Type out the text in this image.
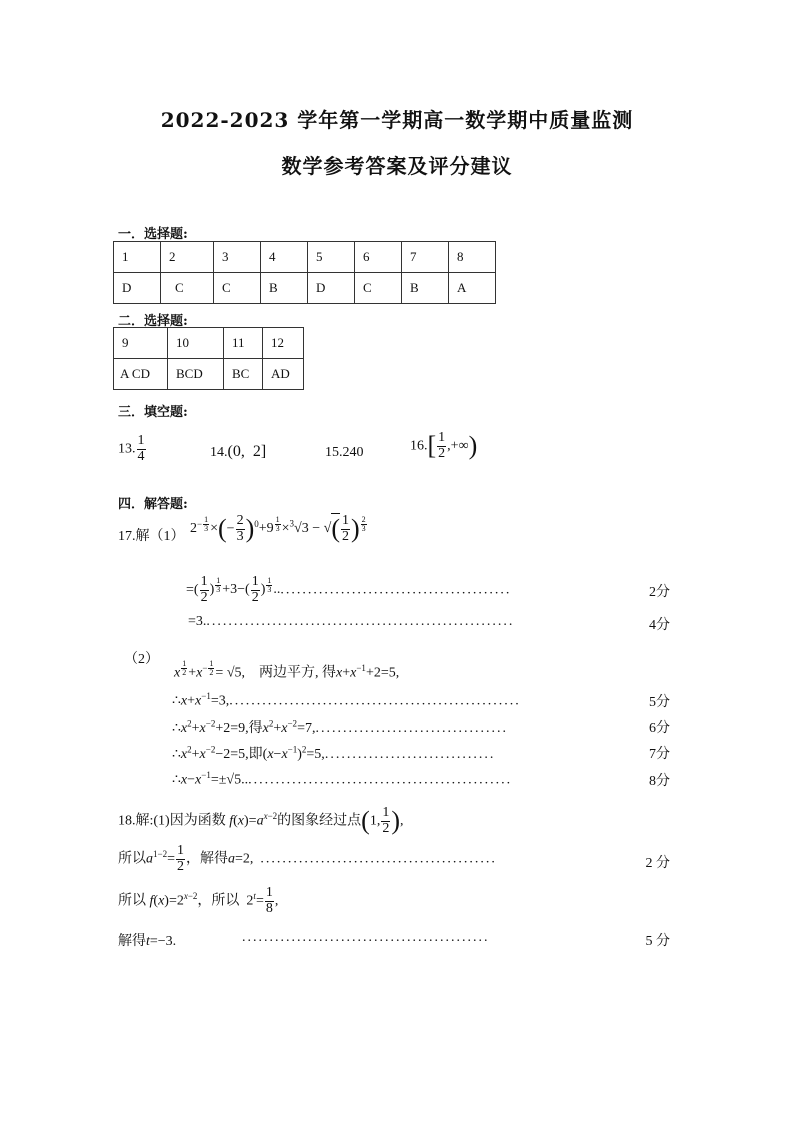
2022-2023 学年第一学期高一数学期中质量监测
数学参考答案及评分建议
一．选择题:
1	2	3	4	5	6	7	8
D	C	C	B	D	C	B	A
二．选择题:
9	10	11	12
A CD	BCD	BC	AD
三．填空题:
13. $\frac{1}{4}$	14.(0,  2]	15.240	$16.[ \frac{1}{2}$ ,+∞)
四．解答题:
17.解（1）
$2^{- \frac{1}{3}}$ ×(− $\frac{2}{3} )^0+9$ $^{\frac{1}{3}}$ ×$^3$√3 − √( $\frac{1}{2}$ ) $^{\frac{2}{3}}$
=( $\frac{1}{2}$ ) $^{\frac{1}{3}} +3-( \frac{1}{2}$ ) $^{\frac{1}{3}}$ ............................................	2分
=3.........................................................	4分
（2）
x $^{\frac{1}{2}} +x^{- \frac{1}{2}} = √5$,    两边平方, 得$x+x^{-1}+2=5$,
$\therefore x+x^{-1}=3$,.....................................................	5分
$\therefore x^2+x^{-2}+2=9$,得$x^2+x^{-2}=7$,...................................	6分
$\therefore x^2+x^{-2}-2=5$,即$(x-x^{-1})^2=5$,...............................	7分
$\therefore x-x^{-1}=\pm√5$..................................................	8分
18.解:(1)因为函数 $f(x)=a^{x-2}$的图象经过点(1, $\frac{1}{2}$ ),
所以$a^{1-2}= \frac{1}{2}$ ，解得a=2,  ...........................................	2 分
所以 $f(x)=2^{x-2}$，所以  $2^t= \frac{1}{8}$ ,
解得t=−3.	.............................................	5 分
